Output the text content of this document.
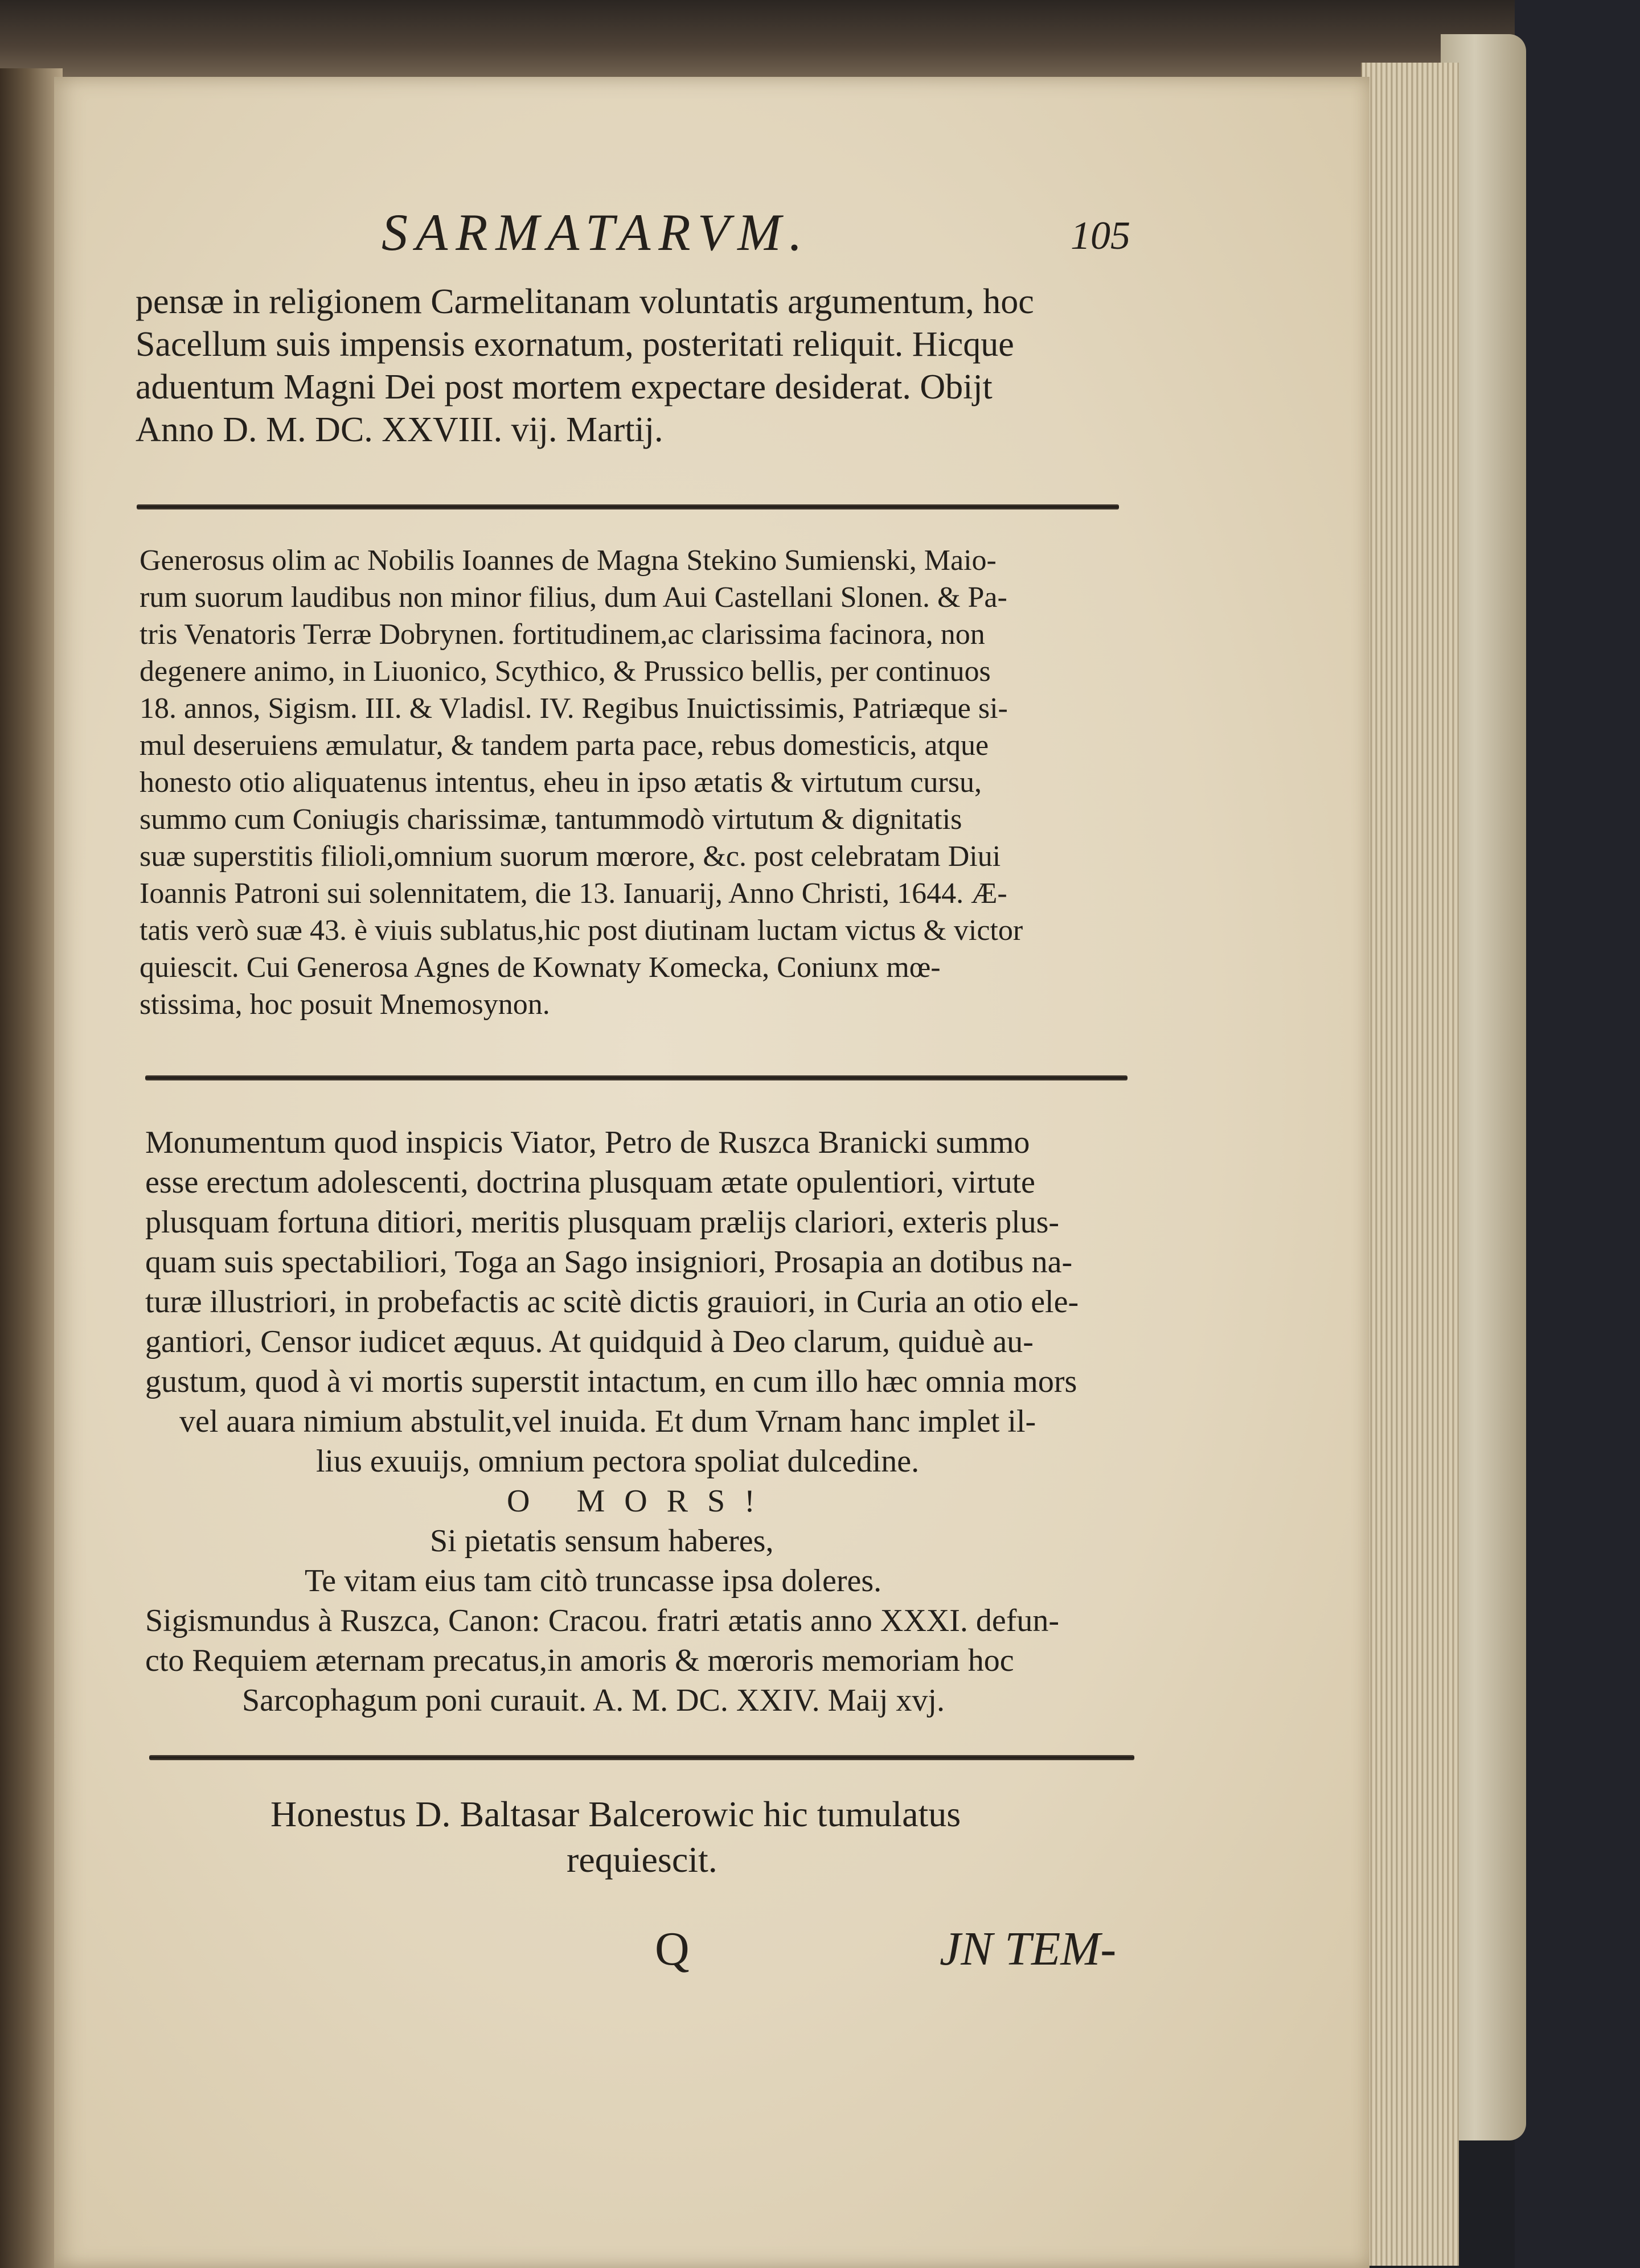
SARMATARVM.	105
pensæ in religionem Carmelitanam voluntatis argumentum, hoc
Sacellum suis impensis exornatum, posteritati reliquit. Hicque
aduentum Magni Dei post mortem expectare desiderat. Obijt
Anno D. M. DC. XXVIII. vij. Martij.
Generosus olim ac Nobilis Ioannes de Magna Stekino Sumienski, Maio-
rum suorum laudibus non minor filius, dum Aui Castellani Slonen. & Pa-
tris Venatoris Terræ Dobrynen. fortitudinem,ac clarissima facinora, non
degenere animo, in Liuonico, Scythico, & Prussico bellis, per continuos
18. annos, Sigism. III. & Vladisl. IV. Regibus Inuictissimis, Patriæque si-
mul deseruiens æmulatur, & tandem parta pace, rebus domesticis, atque
honesto otio aliquatenus intentus, eheu in ipso ætatis & virtutum cursu,
summo cum Coniugis charissimæ, tantummodò virtutum & dignitatis
suæ superstitis filioli,omnium suorum mœrore, &c. post celebratam Diui
Ioannis Patroni sui solennitatem, die 13. Ianuarij, Anno Christi, 1644. Æ-
tatis verò suæ 43. è viuis sublatus,hic post diutinam luctam victus & victor
quiescit. Cui Generosa Agnes de Kownaty Komecka, Coniunx mœ-
stissima, hoc posuit Mnemosynon.
Monumentum quod inspicis Viator, Petro de Ruszca Branicki summo
esse erectum adolescenti, doctrina plusquam ætate opulentiori, virtute
plusquam fortuna ditiori, meritis plusquam prælijs clariori, exteris plus-
quam suis spectabiliori, Toga an Sago insigniori, Prosapia an dotibus na-
turæ illustriori, in probefactis ac scitè dictis grauiori, in Curia an otio ele-
gantiori, Censor iudicet æquus. At quidquid à Deo clarum, quiduè au-
gustum, quod à vi mortis superstit intactum, en cum illo hæc omnia mors
vel auara nimium abstulit,vel inuida. Et dum Vrnam hanc implet il-
lius exuuijs, omnium pectora spoliat dulcedine.
O MORS!
Si pietatis sensum haberes,
Te vitam eius tam citò truncasse ipsa doleres.
Sigismundus à Ruszca, Canon: Cracou. fratri ætatis anno XXXI. defun-
cto Requiem æternam precatus,in amoris & mœroris memoriam hoc
Sarcophagum poni curauit. A. M. DC. XXIV. Maij xvj.
Honestus D. Baltasar Balcerowic hic tumulatus
requiescit.
Q	JN TEM-
